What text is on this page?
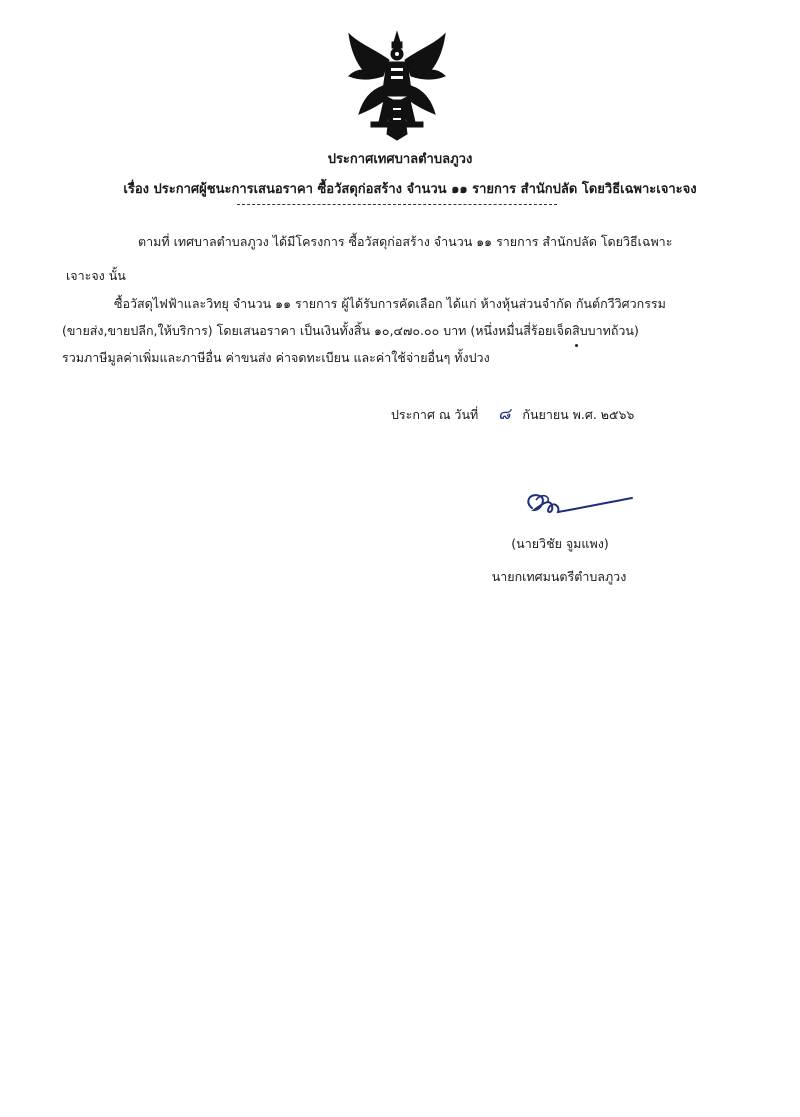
ประกาศเทศบาลตำบลภูวง
เรื่อง ประกาศผู้ชนะการเสนอราคา ซื้อวัสดุก่อสร้าง จำนวน ๑๑ รายการ สำนักปลัด โดยวิธีเฉพาะเจาะจง
ตามที่ เทศบาลตำบลภูวง ได้มีโครงการ ซื้อวัสดุก่อสร้าง จำนวน ๑๑ รายการ สำนักปลัด โดยวิธีเฉพาะ
เจาะจง นั้น
ซื้อวัสดุไฟฟ้าและวิทยุ จำนวน ๑๑ รายการ ผู้ได้รับการคัดเลือก ได้แก่ ห้างหุ้นส่วนจำกัด กันต์กวีวิศวกรรม
(ขายส่ง,ขายปลีก,ให้บริการ) โดยเสนอราคา เป็นเงินทั้งสิ้น ๑๐,๔๗๐.๐๐ บาท (หนึ่งหมื่นสี่ร้อยเจ็ดสิบบาทถ้วน)
รวมภาษีมูลค่าเพิ่มและภาษีอื่น ค่าขนส่ง ค่าจดทะเบียน และค่าใช้จ่ายอื่นๆ ทั้งปวง
ประกาศ ณ วันที่ ๘ กันยายน พ.ศ. ๒๕๖๖
(นายวิชัย จูมแพง)
นายกเทศมนตรีตำบลภูวง
